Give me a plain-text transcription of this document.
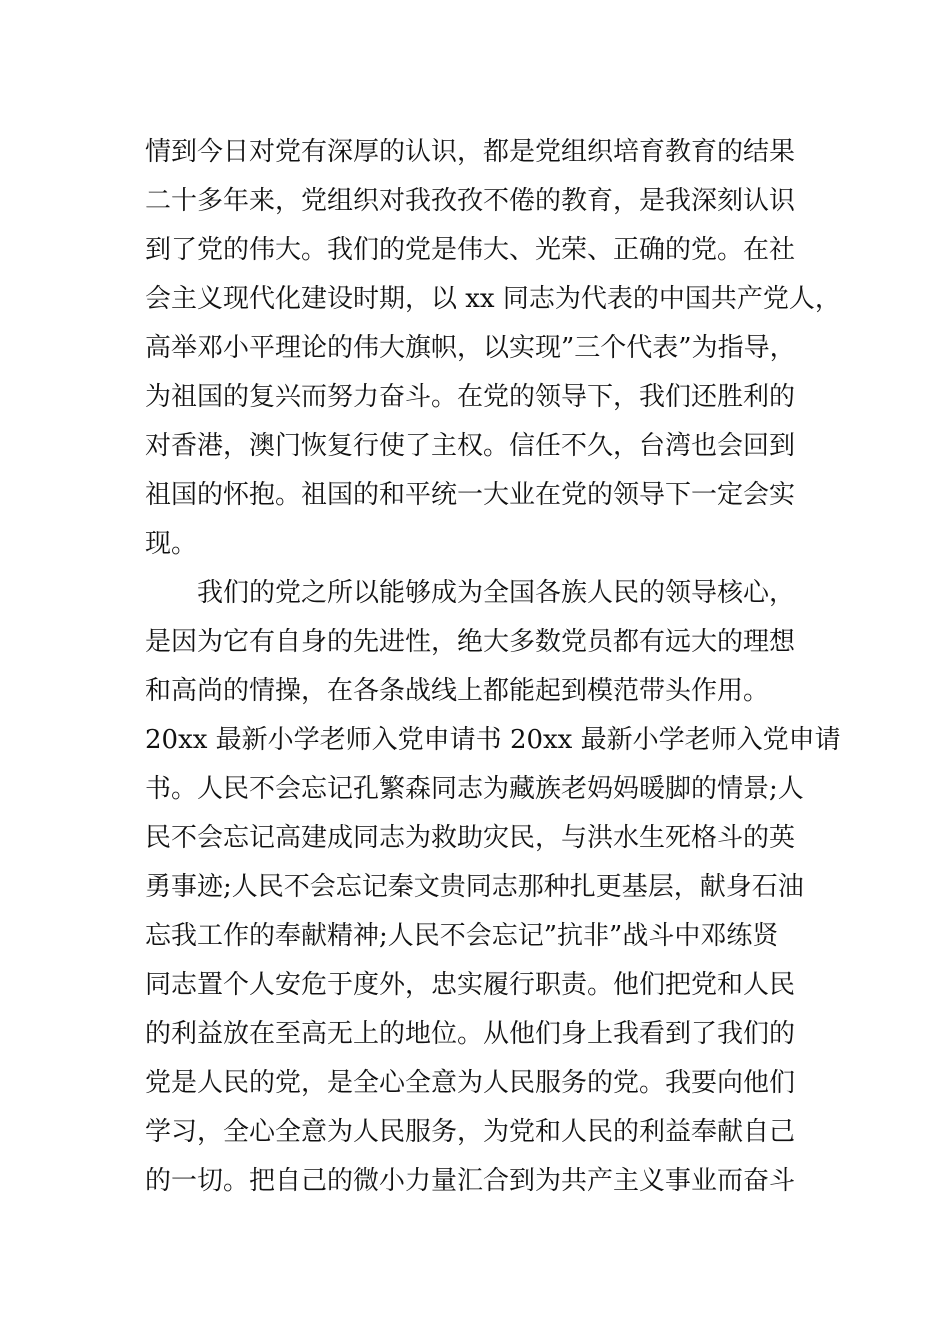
情到今日对党有深厚的认识，都是党组织培育教育的结果
二十多年来，党组织对我孜孜不倦的教育，是我深刻认识
到了党的伟大。我们的党是伟大、光荣、正确的党。在社
会主义现代化建设时期，以 xx 同志为代表的中国共产党人，
高举邓小平理论的伟大旗帜，以实现”三个代表”为指导，
为祖国的复兴而努力奋斗。在党的领导下，我们还胜利的
对香港，澳门恢复行使了主权。信任不久，台湾也会回到
祖国的怀抱。祖国的和平统一大业在党的领导下一定会实
现。
我们的党之所以能够成为全国各族人民的领导核心，
是因为它有自身的先进性，绝大多数党员都有远大的理想
和高尚的情操，在各条战线上都能起到模范带头作用。
20xx 最新小学老师入党申请书 20xx 最新小学老师入党申请
书。人民不会忘记孔繁森同志为藏族老妈妈暖脚的情景;人
民不会忘记高建成同志为救助灾民，与洪水生死格斗的英
勇事迹;人民不会忘记秦文贵同志那种扎更基层，献身石油
忘我工作的奉献精神;人民不会忘记”抗非”战斗中邓练贤
同志置个人安危于度外，忠实履行职责。他们把党和人民
的利益放在至高无上的地位。从他们身上我看到了我们的
党是人民的党，是全心全意为人民服务的党。我要向他们
学习，全心全意为人民服务，为党和人民的利益奉献自己
的一切。把自己的微小力量汇合到为共产主义事业而奋斗
